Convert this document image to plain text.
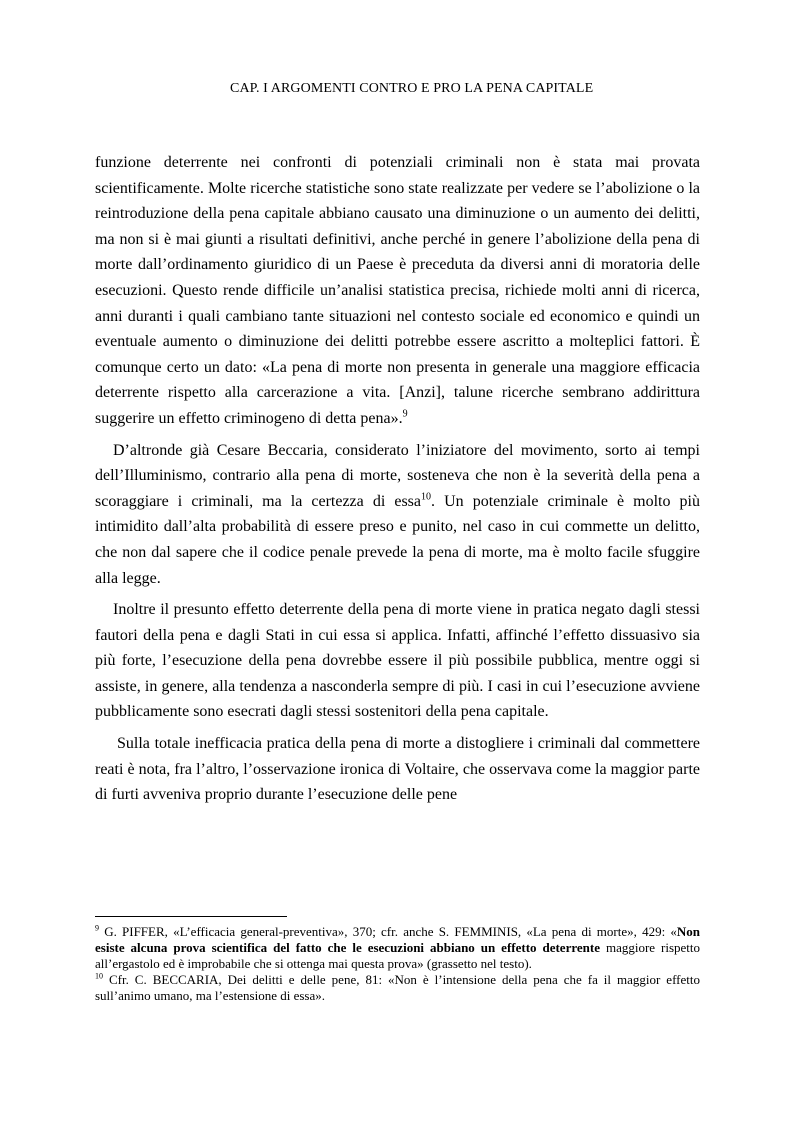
CAP. I ARGOMENTI CONTRO E PRO LA PENA CAPITALE

funzione deterrente nei confronti di potenziali criminali non è stata mai provata scientificamente. Molte ricerche statistiche sono state realizzate per vedere se l’abolizione o la reintroduzione della pena capitale abbiano causato una diminuzione o un aumento dei delitti, ma non si è mai giunti a risultati definitivi, anche perché in genere l’abolizione della pena di morte dall’ordinamento giuridico di un Paese è preceduta da diversi anni di moratoria delle esecuzioni. Questo rende difficile un’analisi statistica precisa, richiede molti anni di ricerca, anni duranti i quali cambiano tante situazioni nel contesto sociale ed economico e quindi un eventuale aumento o diminuzione dei delitti potrebbe essere ascritto a molteplici fattori. È comunque certo un dato: «La pena di morte non presenta in generale una maggiore efficacia deterrente rispetto alla carcerazione a vita. [Anzi], talune ricerche sembrano addirittura suggerire un effetto criminogeno di detta pena».$^9$

D’altronde già Cesare Beccaria, considerato l’iniziatore del movimento, sorto ai tempi dell’Illuminismo, contrario alla pena di morte, sosteneva che non è la severità della pena a scoraggiare i criminali, ma la certezza di essa$^{10}$. Un potenziale criminale è molto più intimidito dall’alta probabilità di essere preso e punito, nel caso in cui commette un delitto, che non dal sapere che il codice penale prevede la pena di morte, ma è molto facile sfuggire alla legge.

Inoltre il presunto effetto deterrente della pena di morte viene in pratica negato dagli stessi fautori della pena e dagli Stati in cui essa si applica. Infatti, affinché l’effetto dissuasivo sia più forte, l’esecuzione della pena dovrebbe essere il più possibile pubblica, mentre oggi si assiste, in genere, alla tendenza a nasconderla sempre di più. I casi in cui l’esecuzione avviene pubblicamente sono esecrati dagli stessi sostenitori della pena capitale.

Sulla totale inefficacia pratica della pena di morte a distogliere i criminali dal commettere reati è nota, fra l’altro, l’osservazione ironica di Voltaire, che osservava come la maggior parte di furti avveniva proprio durante l’esecuzione delle pene

$^9$ G. PIFFER, «L’efficacia general-preventiva», 370; cfr. anche S. FEMMINIS, «La pena di morte», 429: «Non esiste alcuna prova scientifica del fatto che le esecuzioni abbiano un effetto deterrente maggiore rispetto all’ergastolo ed è improbabile che si ottenga mai questa prova» (grassetto nel testo).

$^{10}$ Cfr. C. BECCARIA, Dei delitti e delle pene, 81: «Non è l’intensione della pena che fa il maggior effetto sull’animo umano, ma l’estensione di essa».
